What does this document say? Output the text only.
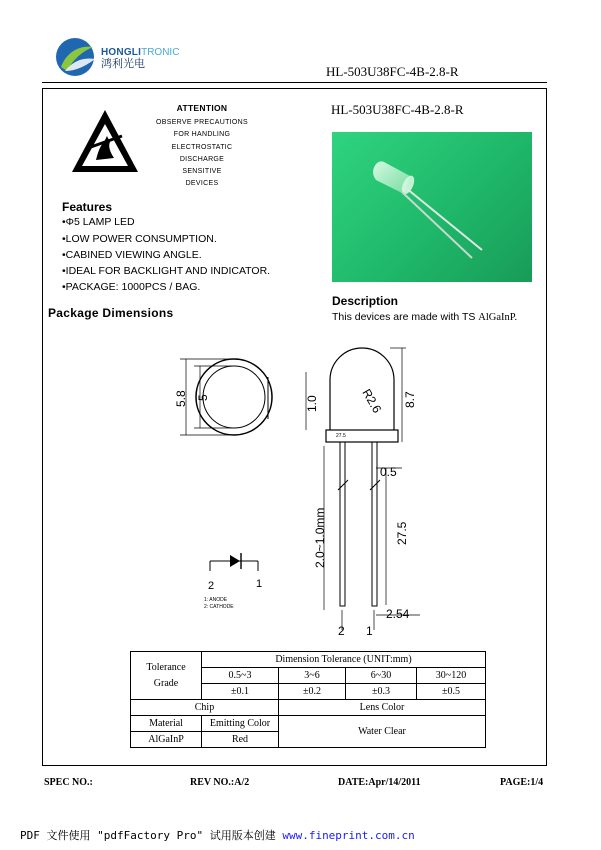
HONGLITRONIC
鸿利光电
HL-503U38FC-4B-2.8-R
ATTENTION
OBSERVE PRECAUTIONS
FOR HANDLING
ELECTROSTATIC
DISCHARGE
SENSITIVE
DEVICES
HL-503U38FC-4B-2.8-R
Features
•Φ5 LAMP LED
•LOW POWER CONSUMPTION.
•CABINED VIEWING ANGLE.
•IDEAL FOR BACKLIGHT AND INDICATOR.
•PACKAGE: 1000PCS / BAG.
Description
This devices are made with TS AlGaInP.
Package Dimensions
5.8 5
27.5
1.0	R2.6 8.7
0.5
27.5
2.0~1.0mm
2.54
2 1
2	1
1: ANODE
2: CATHODE
Tolerance Grade	Dimension Tolerance (UNIT:mm)			
	0.5~3	3~6	6~30	30~120
	±0.1	±0.2	±0.3	±0.5
Chip		Lens Color		
Material	Emitting Color	Water Clear		
AlGaInP	Red			
SPEC NO.:	REV NO.:A/2	DATE:Apr/14/2011	PAGE:1/4
PDF 文件使用 "pdfFactory Pro" 试用版本创建 www.fineprint.com.cn
